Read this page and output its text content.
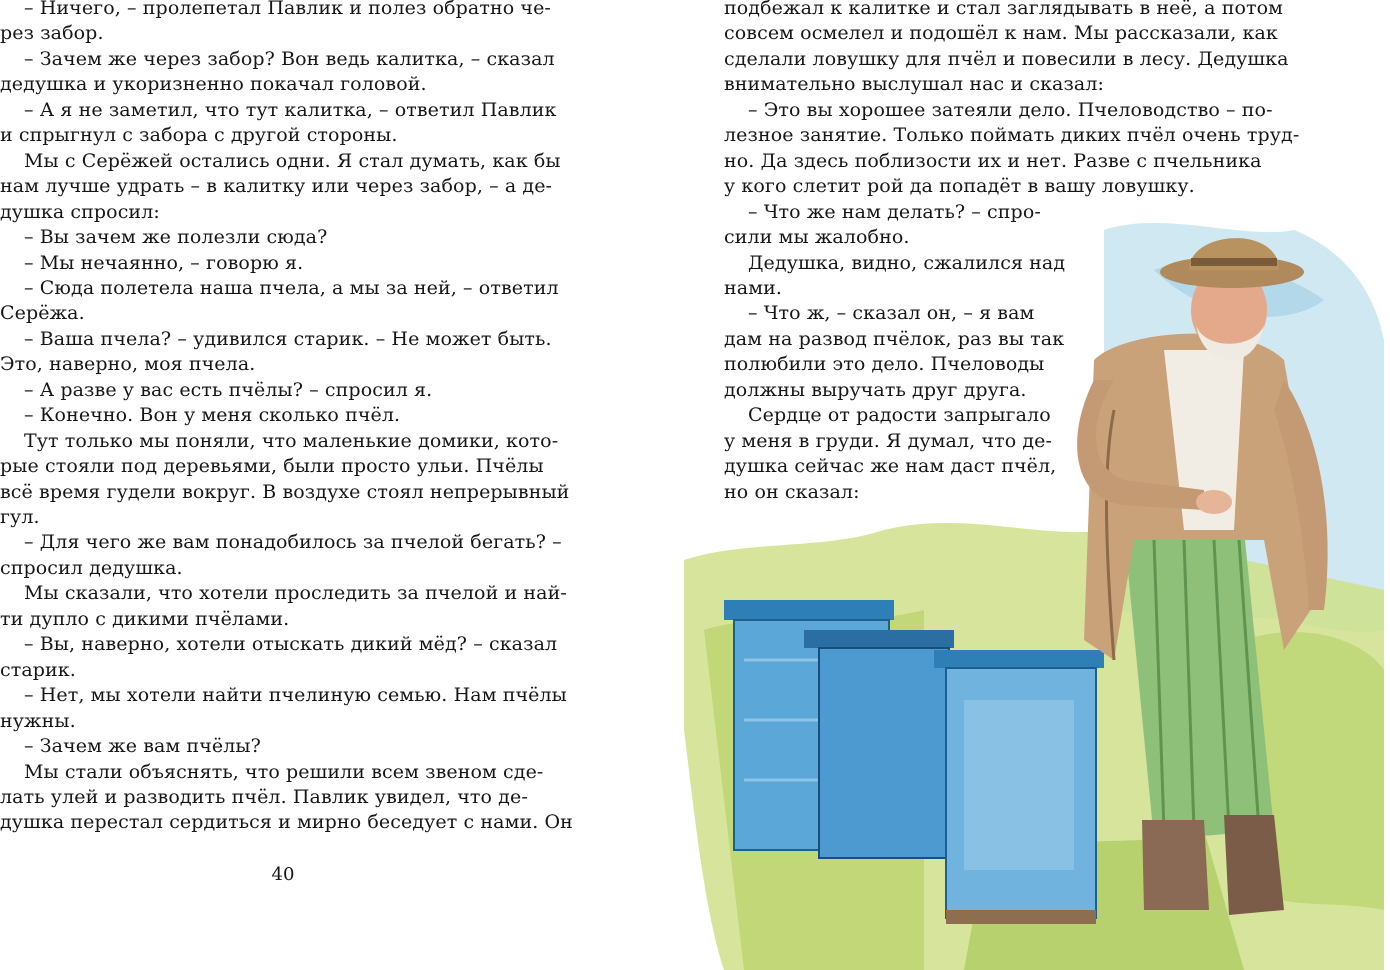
– Ничего, – пролепетал Павлик и полез обратно че-
рез забор.
– Зачем же через забор? Вон ведь калитка, – сказал
дедушка и укоризненно покачал головой.
– А я не заметил, что тут калитка, – ответил Павлик
и спрыгнул с забора с другой стороны.
Мы с Серёжей остались одни. Я стал думать, как бы
нам лучше удрать – в калитку или через забор, – а де-
душка спросил:
– Вы зачем же полезли сюда?
– Мы нечаянно, – говорю я.
– Сюда полетела наша пчела, а мы за ней, – ответил
Серёжа.
– Ваша пчела? – удивился старик. – Не может быть.
Это, наверно, моя пчела.
– А разве у вас есть пчёлы? – спросил я.
– Конечно. Вон у меня сколько пчёл.
Тут только мы поняли, что маленькие домики, кото-
рые стояли под деревьями, были просто ульи. Пчёлы
всё время гудели вокруг. В воздухе стоял непрерывный
гул.
– Для чего же вам понадобилось за пчелой бегать? –
спросил дедушка.
Мы сказали, что хотели проследить за пчелой и най-
ти дупло с дикими пчёлами.
– Вы, наверно, хотели отыскать дикий мёд? – сказал
старик.
– Нет, мы хотели найти пчелиную семью. Нам пчёлы
нужны.
– Зачем же вам пчёлы?
Мы стали объяснять, что решили всем звеном сде-
лать улей и разводить пчёл. Павлик увидел, что де-
душка перестал сердиться и мирно беседует с нами. Он
подбежал к калитке и стал заглядывать в неё, а потом
совсем осмелел и подошёл к нам. Мы рассказали, как
сделали ловушку для пчёл и повесили в лесу. Дедушка
внимательно выслушал нас и сказал:
– Это вы хорошее затеяли дело. Пчеловодство – по-
лезное занятие. Только поймать диких пчёл очень труд-
но. Да здесь поблизости их и нет. Разве с пчельника
у кого слетит рой да попадёт в вашу ловушку.
– Что же нам делать? – спро-
сили мы жалобно.
Дедушка, видно, сжалился над
нами.
– Что ж, – сказал он, – я вам
дам на развод пчёлок, раз вы так
полюбили это дело. Пчеловоды
должны выручать друг друга.
Сердце от радости запрыгало
у меня в груди. Я думал, что де-
душка сейчас же нам даст пчёл,
но он сказал:
40
